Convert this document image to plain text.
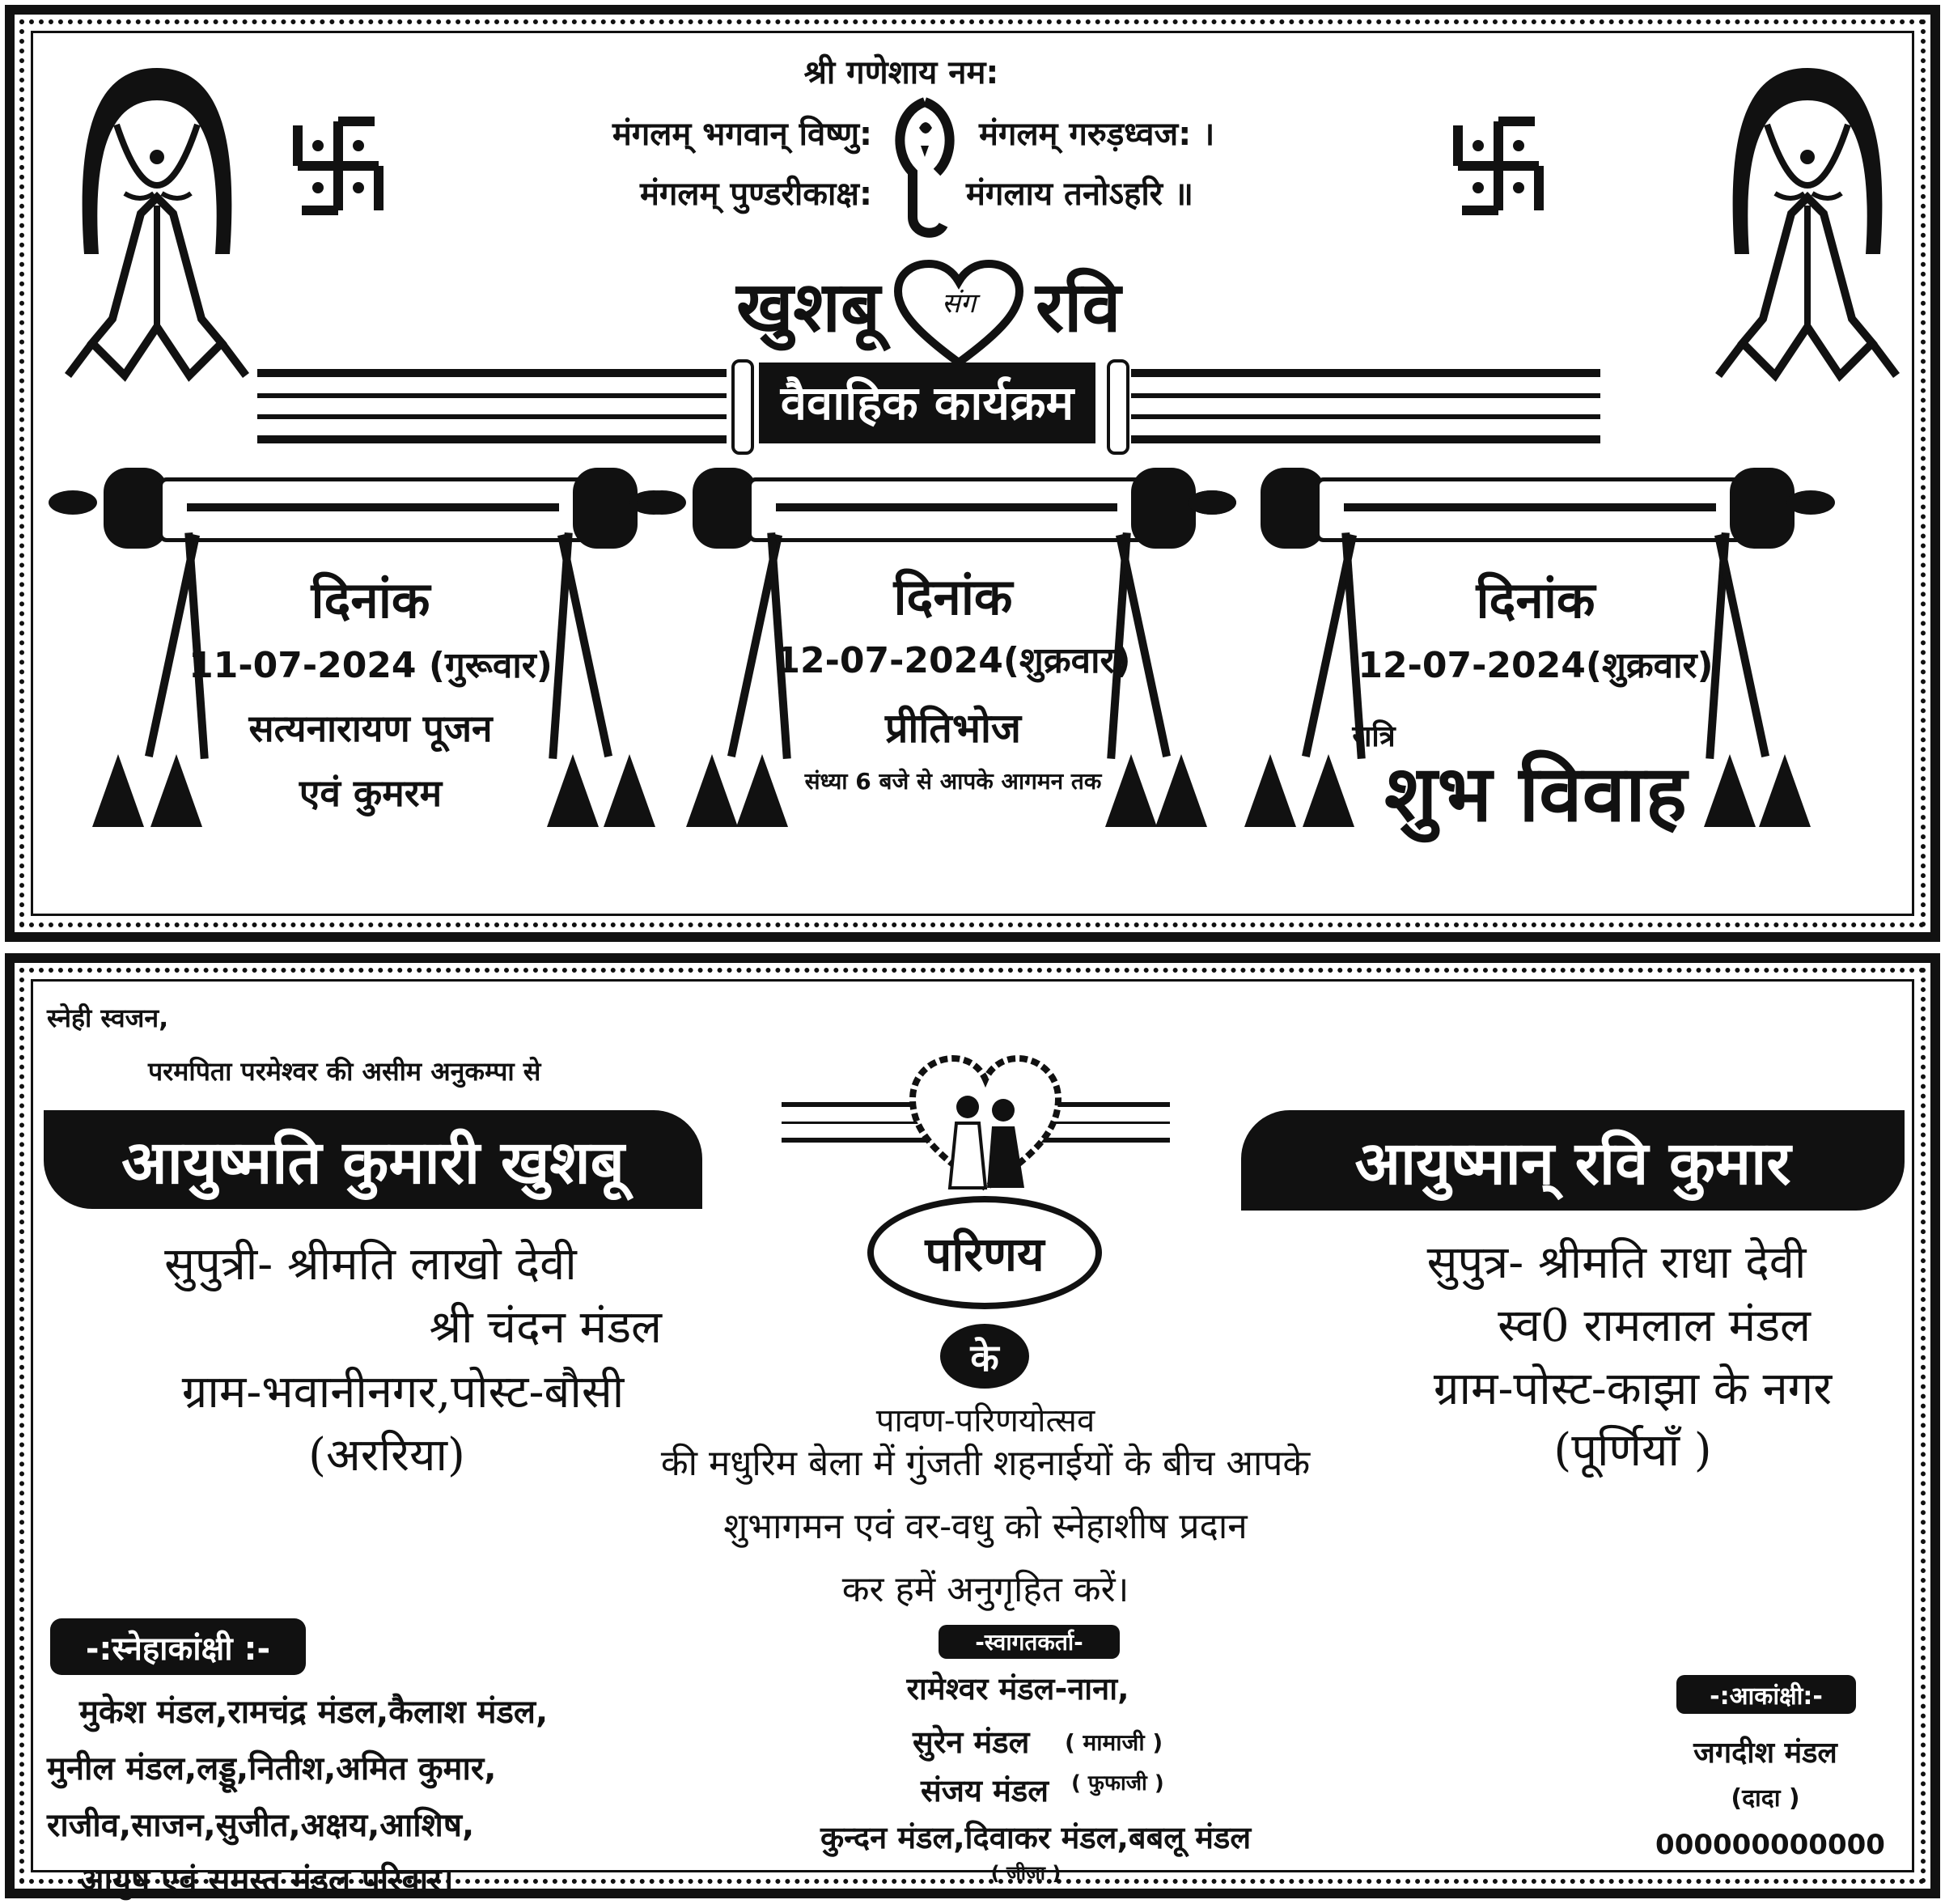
श्री गणेशाय नम:
मंगलम् भगवान् विष्णु:	मंगलम् गरुड़ध्वज: ।
मंगलम् पुण्डरीकाक्ष:	मंगलाय तनोऽहरि ॥
खुशबू	संग रवि
वैवाहिक कार्यक्रम
दिनांक
11-07-2024 (गुरूवार)
सत्यनारायण पूजन
एवं कुमरम
दिनांक
12-07-2024(शुक्रवार)
प्रीतिभोज
संध्या 6 बजे से आपके आगमन तक
दिनांक
12-07-2024(शुक्रवार)
रात्रि
शुभ विवाह
स्नेही स्वजन,
परमपिता परमेश्वर की असीम अनुकम्पा से
आयुष्मति कुमारी खुशबू
सुपुत्री- श्रीमति लाखो देवी
श्री चंदन मंडल
ग्राम-भवानीनगर,पोस्ट-बौसी
(अररिया)
परिणय
के
पावण-परिणयोत्सव
की मधुरिम बेला में गुंजती शहनाईयों के बीच आपके
शुभागमन एवं वर-वधु को स्नेहाशीष प्रदान
कर हमें अनुगृहित करें।
आयुष्मान् रवि कुमार
सुपुत्र- श्रीमति राधा देवी
स्व0 रामलाल मंडल
ग्राम-पोस्ट-काझा के नगर
(पूर्णियाँ )
-:स्नेहाकांक्षी :-
मुकेश मंडल,रामचंद्र मंडल,कैलाश मंडल,
मुनील मंडल,लड्डू,नितीश,अमित कुमार,
राजीव,साजन,सुजीत,अक्षय,आशिष,
आयुष एवं समस्त मंडल परिवार।
-स्वागतकर्ता-
रामेश्वर मंडल-नाना,
सुरेन मंडल ( मामाजी )
संजय मंडल ( फुफाजी )
कुन्दन मंडल,दिवाकर मंडल,बबलू मंडल
( जीजा )
-:आकांक्षी:-
जगदीश मंडल
(दादा )
000000000000
